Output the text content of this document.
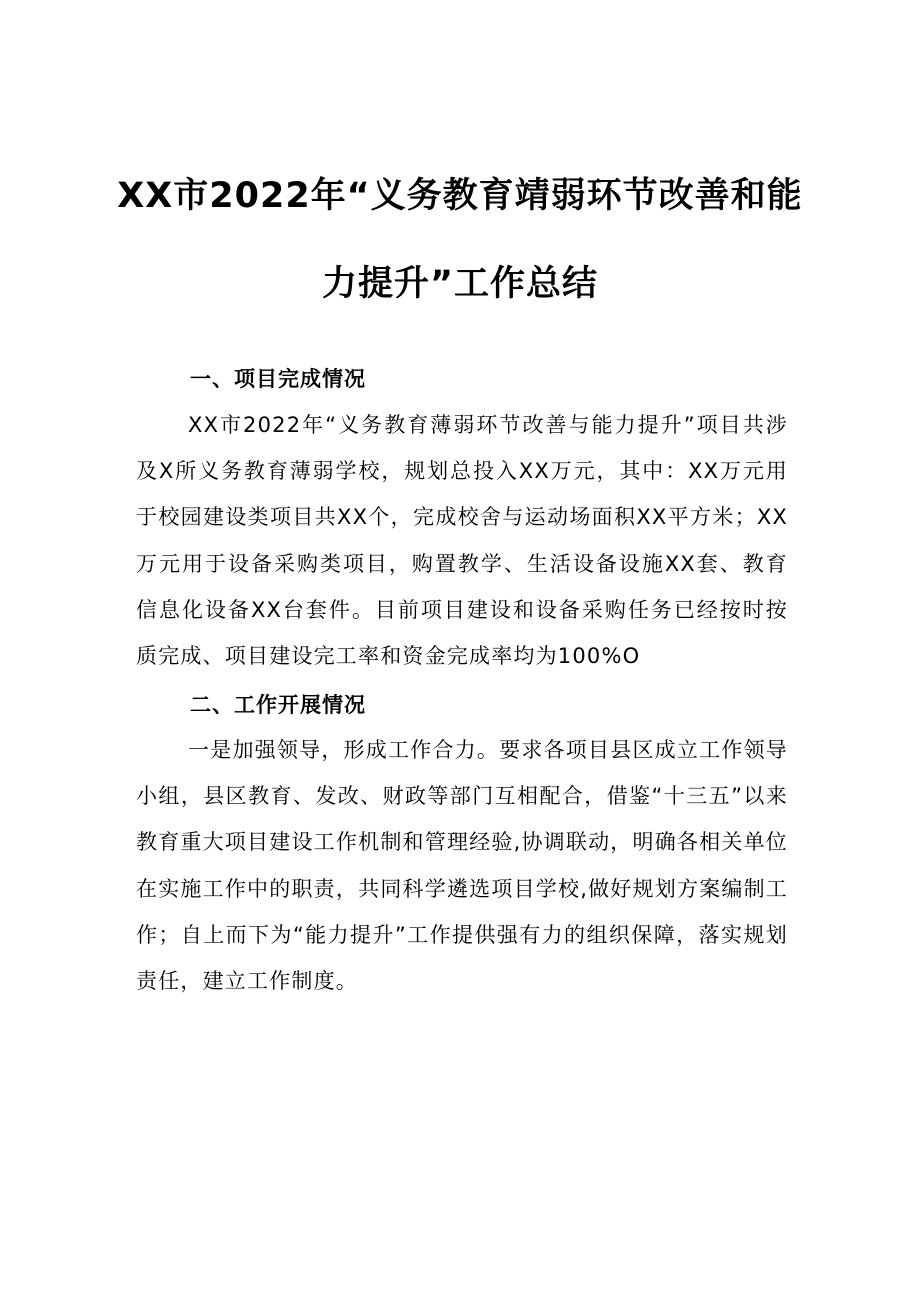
XX市2022年“义务教育靖弱环节改善和能
力提升”工作总结
一、项目完成情况

XX市2022年“义务教育薄弱环节改善与能力提升”项目共涉及X所义务教育薄弱学校，规划总投入XX万元，其中：XX万元用于校园建设类项目共XX个，完成校舍与运动场面积XX平方米；XX万元用于设备采购类项目，购置教学、生活设备设施XX套、教育信息化设备XX台套件。目前项目建设和设备采购任务已经按时按质完成、项目建设完工率和资金完成率均为100%O

二、工作开展情况

一是加强领导，形成工作合力。要求各项目县区成立工作领导小组，县区教育、发改、财政等部门互相配合，借鉴“十三五”以来教育重大项目建设工作机制和管理经验,协调联动，明确各相关单位在实施工作中的职责，共同科学遴选项目学校,做好规划方案编制工作；自上而下为“能力提升”工作提供强有力的组织保障，落实规划责任，建立工作制度。
